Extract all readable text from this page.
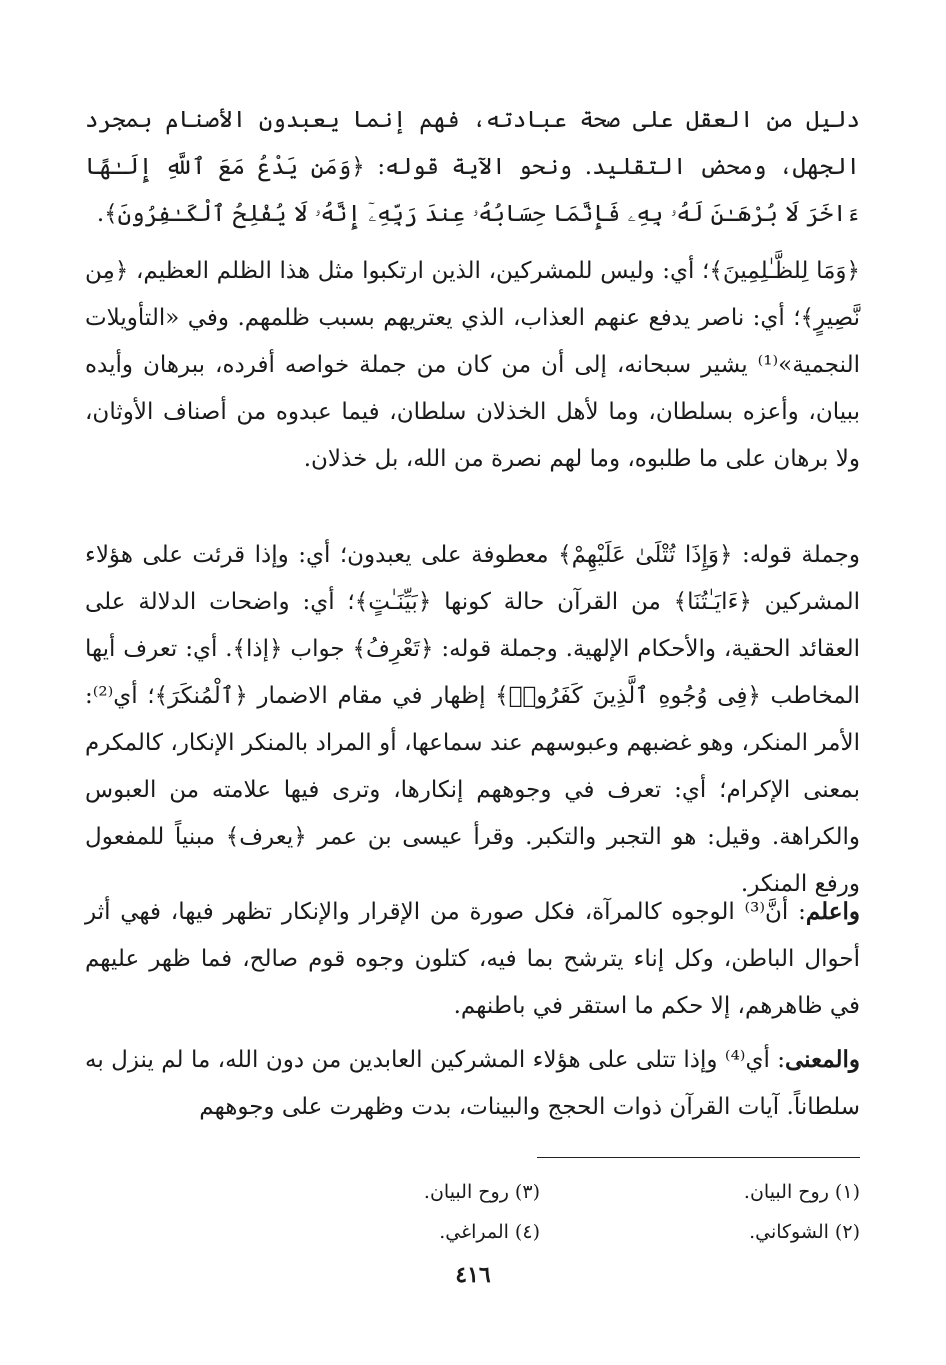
دليل من العقل على صحة عبادته، فهم إنما يعبدون الأصنام بمجرد الجهل، ومحض التقليد. ونحو الآية قوله: ﴿وَمَن يَدْعُ مَعَ ٱللَّهِ إِلَـٰهًا ءَاخَرَ لَا بُرْهَـٰنَ لَهُۥ بِهِۦ فَإِنَّمَا حِسَابُهُۥ عِندَ رَبِّهِۦٓ إِنَّهُۥ لَا يُفْلِحُ ٱلْكَـٰفِرُونَ﴾.

﴿وَمَا لِلظَّـٰلِمِينَ﴾؛ أي: وليس للمشركين، الذين ارتكبوا مثل هذا الظلم العظيم، ﴿مِن نَّصِيرٍ﴾؛ أي: ناصر يدفع عنهم العذاب، الذي يعتريهم بسبب ظلمهم. وفي «التأويلات النجمية»⁽¹⁾ يشير سبحانه، إلى أن من كان من جملة خواصه أفرده، ببرهان وأيده ببيان، وأعزه بسلطان، وما لأهل الخذلان سلطان، فيما عبدوه من أصناف الأوثان، ولا برهان على ما طلبوه، وما لهم نصرة من الله، بل خذلان.

وجملة قوله: ﴿وَإِذَا تُتْلَىٰ عَلَيْهِمْ﴾ معطوفة على يعبدون؛ أي: وإذا قرئت على هؤلاء المشركين ﴿ءَايَـٰتُنَا﴾ من القرآن حالة كونها ﴿بَيِّنَـٰتٍ﴾؛ أي: واضحات الدلالة على العقائد الحقية، والأحكام الإلهية. وجملة قوله: ﴿تَعْرِفُ﴾ جواب ﴿إذا﴾. أي: تعرف أيها المخاطب ﴿فِى وُجُوهِ ٱلَّذِينَ كَفَرُوا۟﴾ إظهار في مقام الاضمار ﴿ٱلْمُنكَرَ﴾؛ أي⁽²⁾: الأمر المنكر، وهو غضبهم وعبوسهم عند سماعها، أو المراد بالمنكر الإنكار، كالمكرم بمعنى الإكرام؛ أي: تعرف في وجوههم إنكارها، وترى فيها علامته من العبوس والكراهة. وقيل: هو التجبر والتكبر. وقرأ عيسى بن عمر ﴿يعرف﴾ مبنياً للمفعول ورفع المنكر.

واعلم: أنَّ⁽³⁾ الوجوه كالمرآة، فكل صورة من الإقرار والإنكار تظهر فيها، فهي أثر أحوال الباطن، وكل إناء يترشح بما فيه، كتلون وجوه قوم صالح، فما ظهر عليهم في ظاهرهم، إلا حكم ما استقر في باطنهم.

والمعنى: أي⁽⁴⁾ وإذا تتلى على هؤلاء المشركين العابدين من دون الله، ما لم ينزل به سلطاناً. آيات القرآن ذوات الحجج والبينات، بدت وظهرت على وجوههم

(١) روح البيان.
(٣) روح البيان.
(٢) الشوكاني.
(٤) المراغي.
٤١٦
